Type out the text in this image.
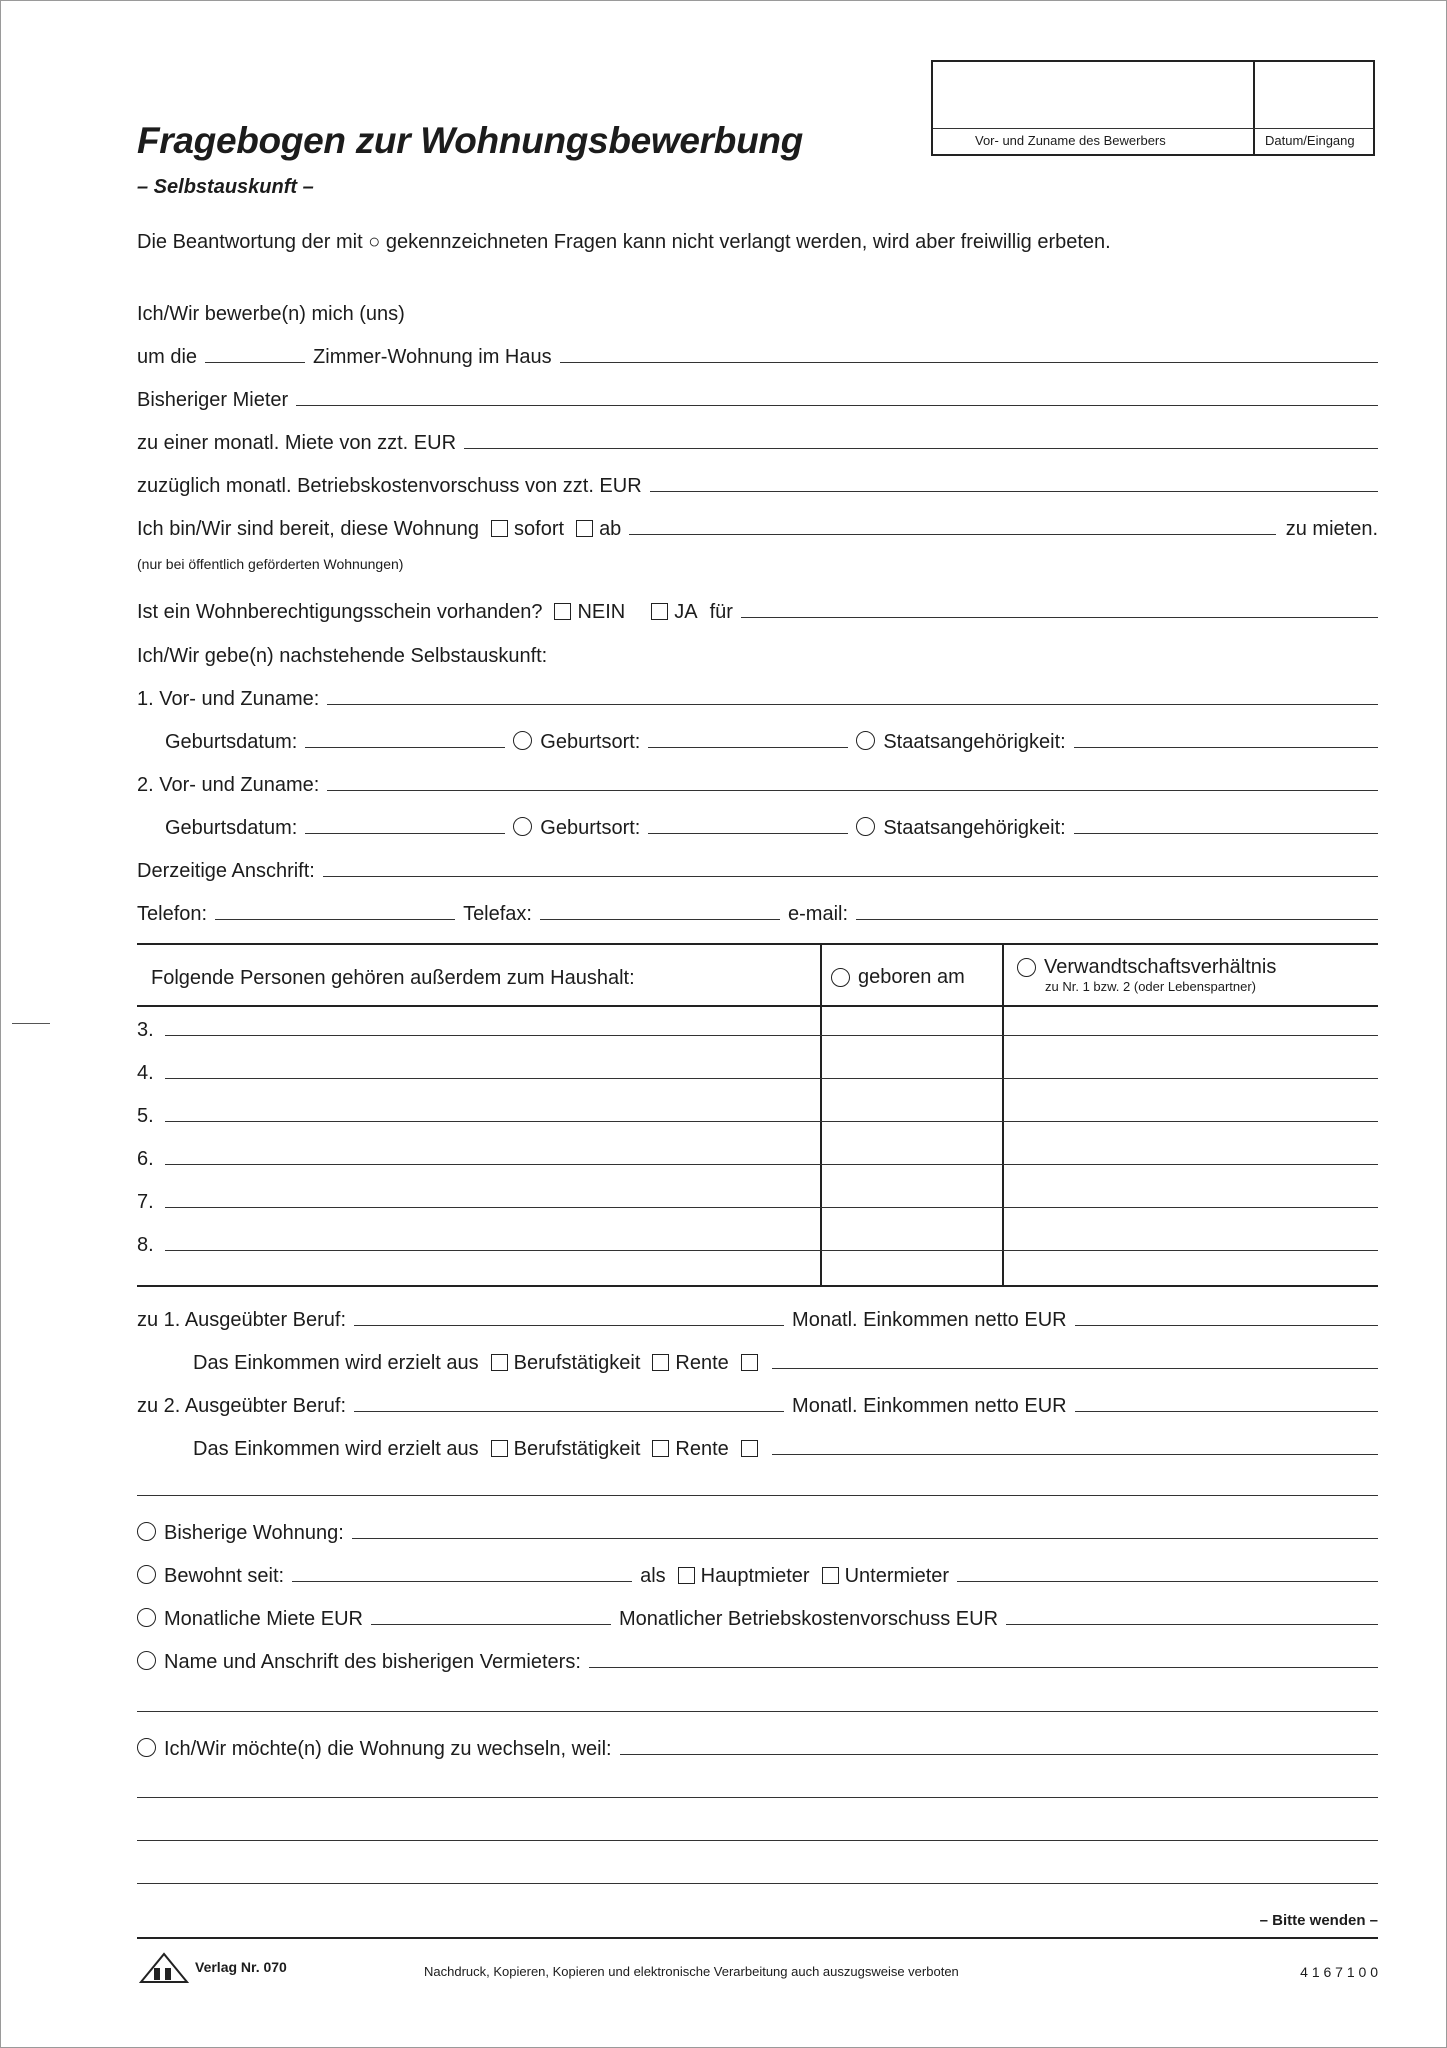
Vor- und Zuname des Bewerbers	Datum/Eingang
Fragebogen zur Wohnungsbewerbung
– Selbstauskunft –
Die Beantwortung der mit ○ gekennzeichneten Fragen kann nicht verlangt werden, wird aber freiwillig erbeten.
Ich/Wir bewerbe(n) mich (uns)
um die	Zimmer-Wohnung im Haus
Bisheriger Mieter
zu einer monatl. Miete von zzt. EUR
zuzüglich monatl. Betriebskostenvorschuss von zzt. EUR
Ich bin/Wir sind bereit, diese Wohnung sofort ab	zu mieten.
(nur bei öffentlich geförderten Wohnungen)
Ist ein Wohnberechtigungsschein vorhanden? NEIN JA für
Ich/Wir gebe(n) nachstehende Selbstauskunft:
1. Vor- und Zuname:
Geburtsdatum:	Geburtsort:	Staatsangehörigkeit:
2. Vor- und Zuname:
Geburtsdatum:	Geburtsort:	Staatsangehörigkeit:
Derzeitige Anschrift:
Telefon:	Telefax:	e-mail:
Folgende Personen gehören außerdem zum Haushalt:	geboren am	Verwandtschaftsverhältnis
zu Nr. 1 bzw. 2 (oder Lebenspartner)
3.
4.
5.
6.
7.
8.
zu 1. Ausgeübter Beruf:	Monatl. Einkommen netto EUR
Das Einkommen wird erzielt aus Berufstätigkeit Rente
zu 2. Ausgeübter Beruf:	Monatl. Einkommen netto EUR
Das Einkommen wird erzielt aus Berufstätigkeit Rente
Bisherige Wohnung:
Bewohnt seit:	als Hauptmieter Untermieter
Monatliche Miete EUR	Monatlicher Betriebskostenvorschuss EUR
Name und Anschrift des bisherigen Vermieters:
Ich/Wir möchte(n) die Wohnung zu wechseln, weil:
– Bitte wenden –
Verlag Nr. 070	Nachdruck, Kopieren, Kopieren und elektronische Verarbeitung auch auszugsweise verboten	4 1 6 7 1 0 0
